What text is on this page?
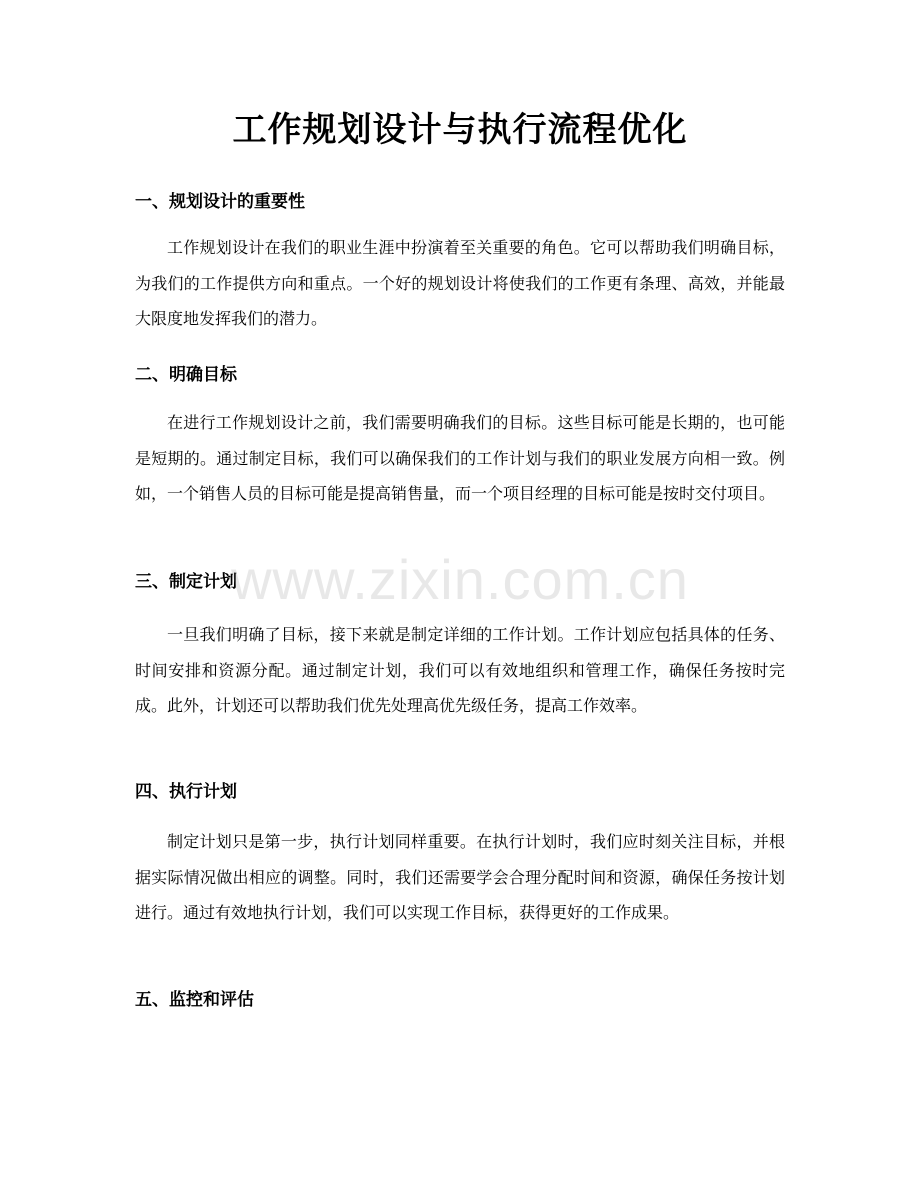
工作规划设计与执行流程优化
一、规划设计的重要性

工作规划设计在我们的职业生涯中扮演着至关重要的角色。它可以帮助我们明确目标，为我们的工作提供方向和重点。一个好的规划设计将使我们的工作更有条理、高效，并能最大限度地发挥我们的潜力。

二、明确目标

在进行工作规划设计之前，我们需要明确我们的目标。这些目标可能是长期的，也可能是短期的。通过制定目标，我们可以确保我们的工作计划与我们的职业发展方向相一致。例如，一个销售人员的目标可能是提高销售量，而一个项目经理的目标可能是按时交付项目。

三、制定计划

一旦我们明确了目标，接下来就是制定详细的工作计划。工作计划应包括具体的任务、时间安排和资源分配。通过制定计划，我们可以有效地组织和管理工作，确保任务按时完成。此外，计划还可以帮助我们优先处理高优先级任务，提高工作效率。

四、执行计划

制定计划只是第一步，执行计划同样重要。在执行计划时，我们应时刻关注目标，并根据实际情况做出相应的调整。同时，我们还需要学会合理分配时间和资源，确保任务按计划进行。通过有效地执行计划，我们可以实现工作目标，获得更好的工作成果。

五、监控和评估
www.zixin.com.cn
